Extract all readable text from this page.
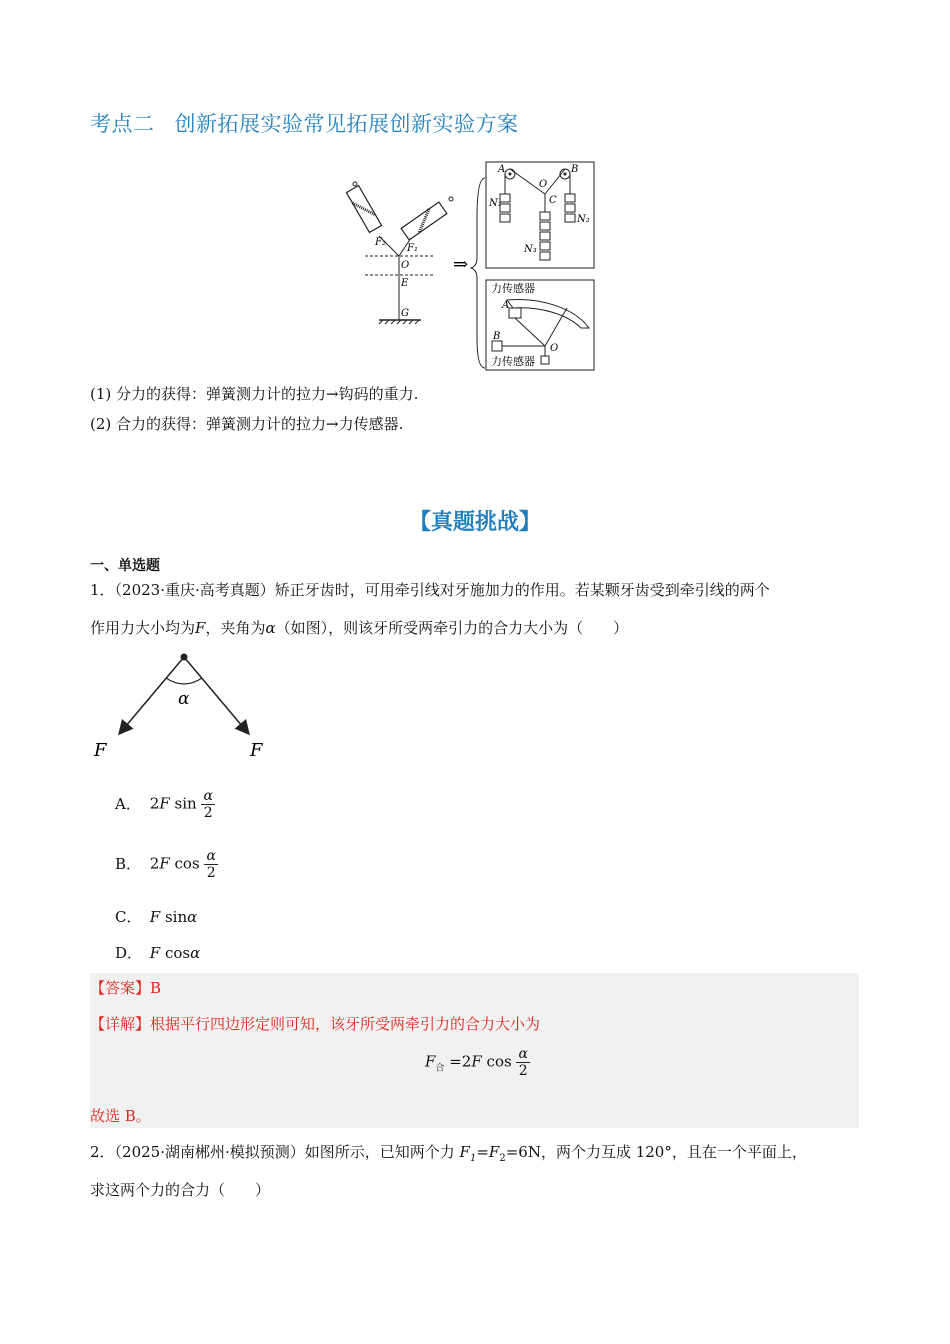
考点二 创新拓展实验常见拓展创新实验方案
F₂
F₁
O
E
G
⇒
A	B
O
C
N₁
N₂
N₃
力传感器
A
B
O
力传感器
(1) 分力的获得：弹簧测力计的拉力→钩码的重力.
(2) 合力的获得：弹簧测力计的拉力→力传感器.
【真题挑战】
一、单选题
1．（2023·重庆·高考真题）矫正牙齿时，可用牵引线对牙施加力的作用。若某颗牙齿受到牵引线的两个
作用力大小均为F，夹角为α（如图），则该牙所受两牵引力的合力大小为（　　）
α
F	F
A． 2F $\sin \frac{\alpha}{2}$
B． 2F $\cos \frac{\alpha}{2}$
C． F sinα
D． F cosα
【答案】B
【详解】根据平行四边形定则可知，该牙所受两牵引力的合力大小为
$F_合 =2F$ $\cos \frac{\alpha}{2}$
故选 B。
2．（2025·湖南郴州·模拟预测）如图所示，已知两个力 $F_1=F_2=6N$，两个力互成 120°，且在一个平面上，
求这两个力的合力（　　）
